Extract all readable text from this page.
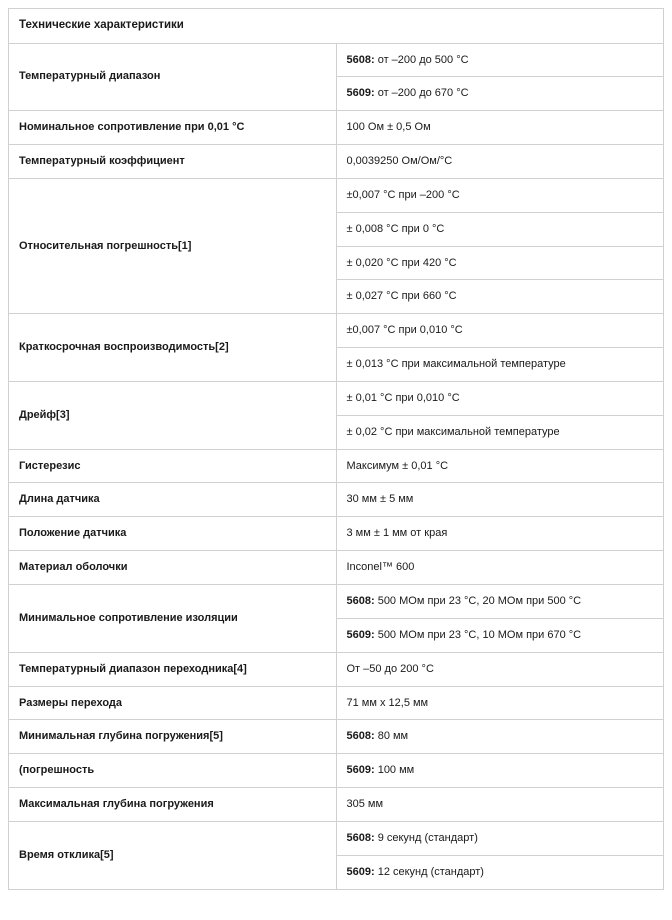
Технические характеристики	
Температурный диапазон	5608: от –200 до 500 °C
	5609: от –200 до 670 °C
Номинальное сопротивление при 0,01 °C	100 Ом ± 0,5 Ом
Температурный коэффициент	0,0039250 Ом/Ом/°C
Относительная погрешность[1]	±0,007 °C при –200 °C
	± 0,008 °C при 0 °C
	± 0,020 °C при 420 °C
	± 0,027 °C при 660 °C
Краткосрочная воспроизводимость[2]	±0,007 °C при 0,010 °C
	± 0,013 °C при максимальной температуре
Дрейф[3]	± 0,01 °C при 0,010 °C
	± 0,02 °C при максимальной температуре
Гистерезис	Максимум ± 0,01 °C
Длина датчика	30 мм ± 5 мм
Положение датчика	3 мм ± 1 мм от края
Материал оболочки	Inconel™ 600
Минимальное сопротивление изоляции	5608: 500 МОм при 23 °C, 20 МОм при 500 °C
	5609: 500 МОм при 23 °C, 10 МОм при 670 °C
Температурный диапазон переходника[4]	От –50 до 200 °C
Размеры перехода	71 мм x 12,5 мм
Минимальная глубина погружения[5]	5608: 80 мм
(погрешность	5609: 100 мм
Максимальная глубина погружения	305 мм
Время отклика[5]	5608: 9 секунд (стандарт)
	5609: 12 секунд (стандарт)
